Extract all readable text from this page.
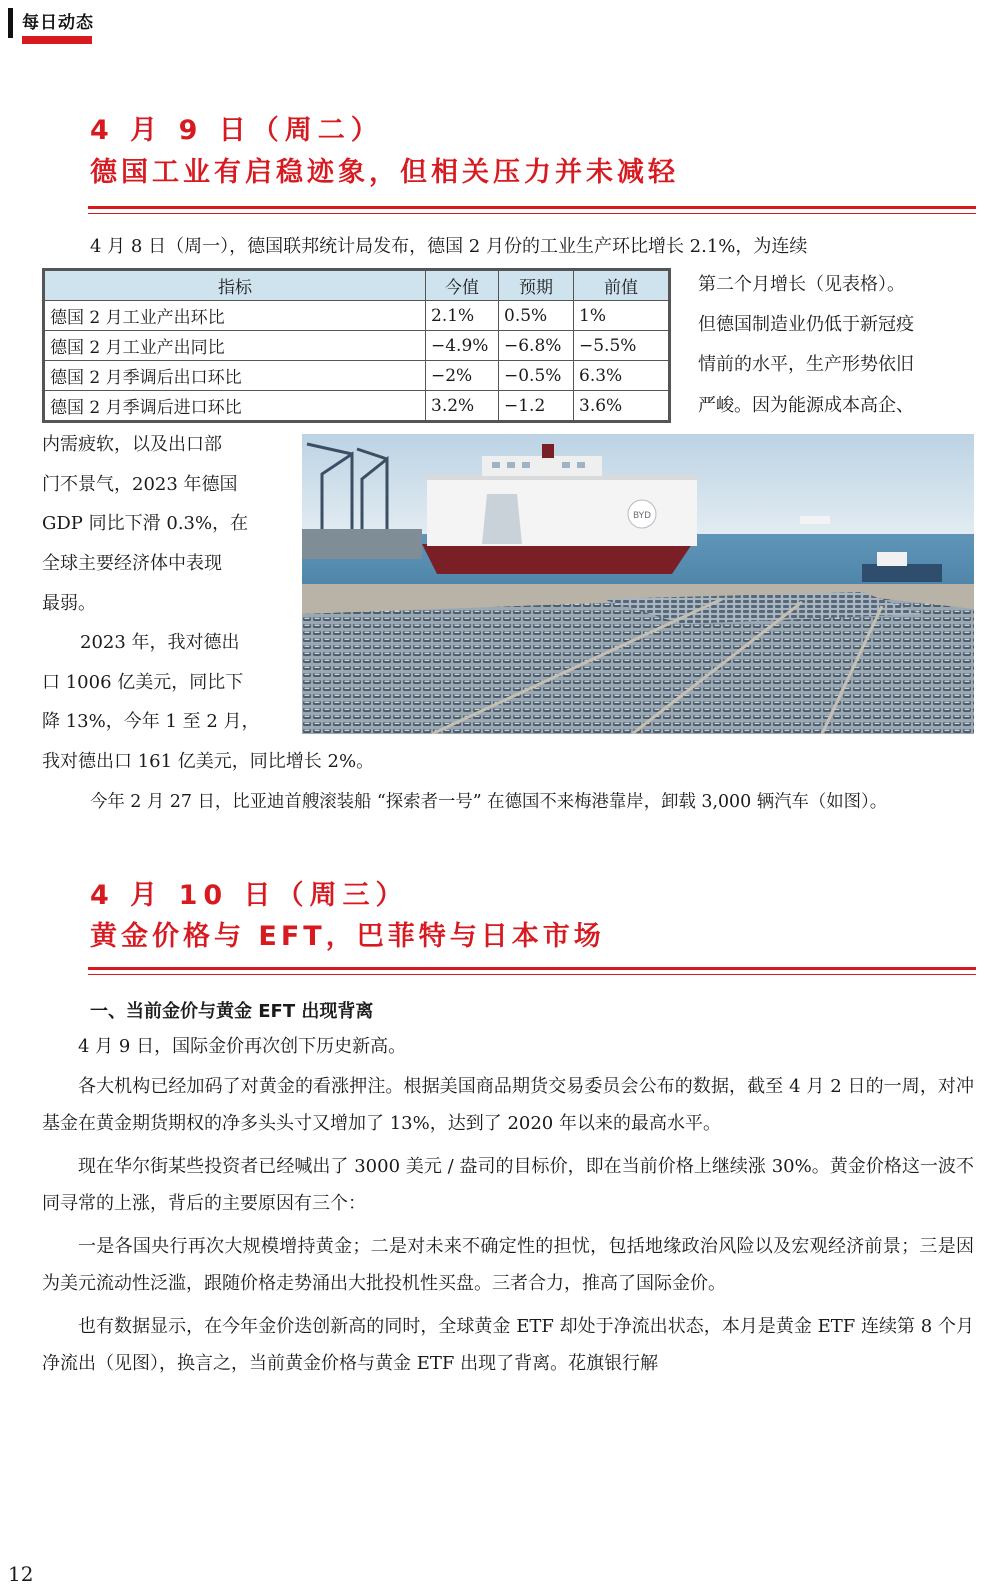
每日动态
4 月 9 日（周二）
德国工业有启稳迹象，但相关压力并未减轻
4 月 8 日（周一），德国联邦统计局发布，德国 2 月份的工业生产环比增长 2.1%，为连续
指标	今值	预期	前值
德国 2 月工业产出环比	2.1%	0.5%	1%
德国 2 月工业产出同比	−4.9%	−6.8%	−5.5%
德国 2 月季调后出口环比	−2%	−0.5%	6.3%
德国 2 月季调后进口环比	3.2%	−1.2	3.6%
第二个月增长（见表格）。
但德国制造业仍低于新冠疫
情前的水平，生产形势依旧
严峻。因为能源成本高企、
内需疲软，以及出口部
门不景气，2023 年德国
GDP 同比下滑 0.3%，在
全球主要经济体中表现
最弱。
2023 年，我对德出
口 1006 亿美元，同比下
降 13%，今年 1 至 2 月，
我对德出口 161 亿美元，同比增长 2%。
BYD
今年 2 月 27 日，比亚迪首艘滚装船 “探索者一号” 在德国不来梅港靠岸，卸载 3,000 辆汽车（如图）。
4 月 10 日（周三）
黄金价格与 EFT，巴菲特与日本市场
一、当前金价与黄金 EFT 出现背离
4 月 9 日，国际金价再次创下历史新高。
各大机构已经加码了对黄金的看涨押注。根据美国商品期货交易委员会公布的数据，截至 4 月 2 日的一周，对冲基金在黄金期货期权的净多头头寸又增加了 13%，达到了 2020 年以来的最高水平。
现在华尔街某些投资者已经喊出了 3000 美元 / 盎司的目标价，即在当前价格上继续涨 30%。黄金价格这一波不同寻常的上涨，背后的主要原因有三个：
一是各国央行再次大规模增持黄金；二是对未来不确定性的担忧，包括地缘政治风险以及宏观经济前景；三是因为美元流动性泛滥，跟随价格走势涌出大批投机性买盘。三者合力，推高了国际金价。
也有数据显示，在今年金价迭创新高的同时，全球黄金 ETF 却处于净流出状态，本月是黄金 ETF 连续第 8 个月净流出（见图），换言之，当前黄金价格与黄金 ETF 出现了背离。花旗银行解
12
